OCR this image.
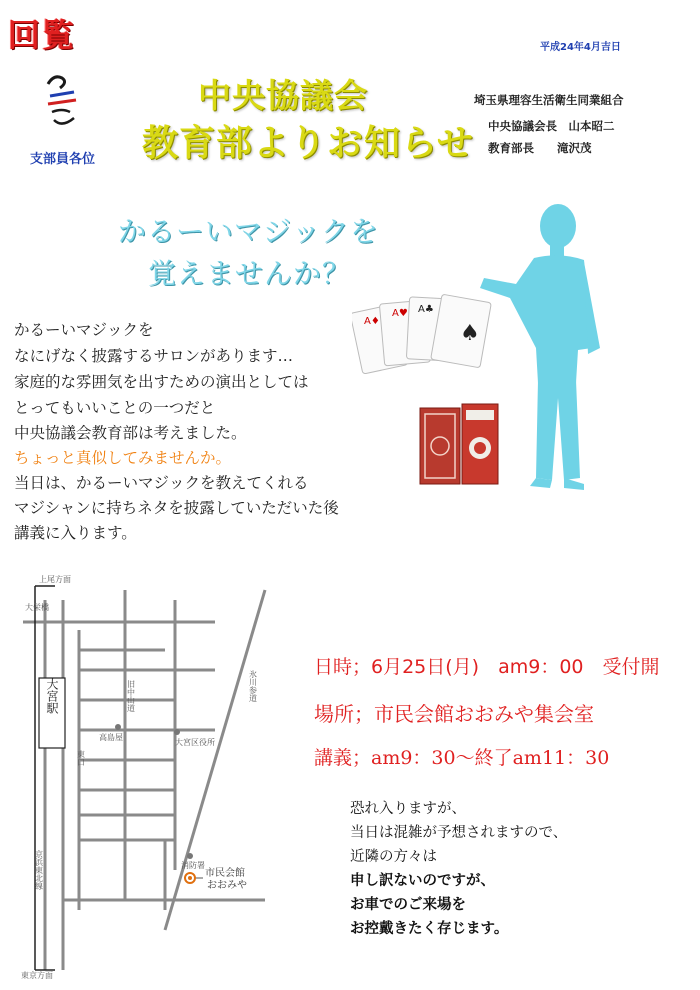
回覧	平成24年4月吉日
支部員各位
中央協議会
教育部よりお知らせ
埼玉県理容生活衛生同業組合
中央協議会長　山本昭二
教育部長　　滝沢茂
かるーいマジックを
覚えませんか？
A♦
A♥ A♣
♠
かるーいマジックを
なにげなく披露するサロンがあります…
家庭的な雰囲気を出すための演出としては
とってもいいことの一つだと
中央協議会教育部は考えました。
ちょっと真似してみませんか。
当日は、かるーいマジックを教えてくれる
マジシャンに持ちネタを披露していただいた後
講義に入ります。
上尾方面
大栄橋
大宮駅
東口
旧中山道	氷川参道
高島屋
大宮区役所
京浜東北線	消防署
市民会館
おおみや
東京方面
日時；6月25日(月)　am9：00　受付開
場所；市民会館おおみや集会室
講義；am9：30〜終了am11：30
恐れ入りますが、
当日は混雑が予想されますので、
近隣の方々は
申し訳ないのですが、
お車でのご来場を
お控戴きたく存じます。
